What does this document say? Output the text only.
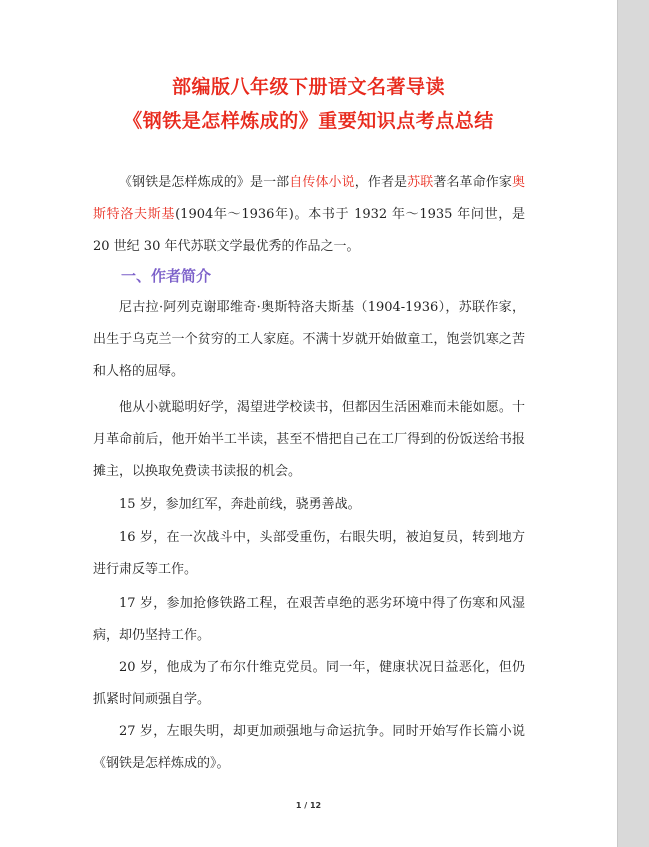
部编版八年级下册语文名著导读
《钢铁是怎样炼成的》重要知识点考点总结

《钢铁是怎样炼成的》是一部自传体小说，作者是苏联著名革命作家奥斯特洛夫斯基(1904年～1936年)。本书于 1932 年～1935 年问世，是 20 世纪 30 年代苏联文学最优秀的作品之一。

一、作者简介

尼古拉·阿列克谢耶维奇·奥斯特洛夫斯基（1904-1936），苏联作家，出生于乌克兰一个贫穷的工人家庭。不满十岁就开始做童工，饱尝饥寒之苦和人格的屈辱。

他从小就聪明好学，渴望进学校读书，但都因生活困难而未能如愿。十月革命前后，他开始半工半读，甚至不惜把自己在工厂得到的份饭送给书报摊主，以换取免费读书读报的机会。

15 岁，参加红军，奔赴前线，骁勇善战。

16 岁，在一次战斗中，头部受重伤，右眼失明，被迫复员，转到地方进行肃反等工作。

17 岁，参加抢修铁路工程，在艰苦卓绝的恶劣环境中得了伤寒和风湿病，却仍坚持工作。

20 岁，他成为了布尔什维克党员。同一年，健康状况日益恶化，但仍抓紧时间顽强自学。

27 岁，左眼失明，却更加顽强地与命运抗争。同时开始写作长篇小说《钢铁是怎样炼成的》。

1 / 12
